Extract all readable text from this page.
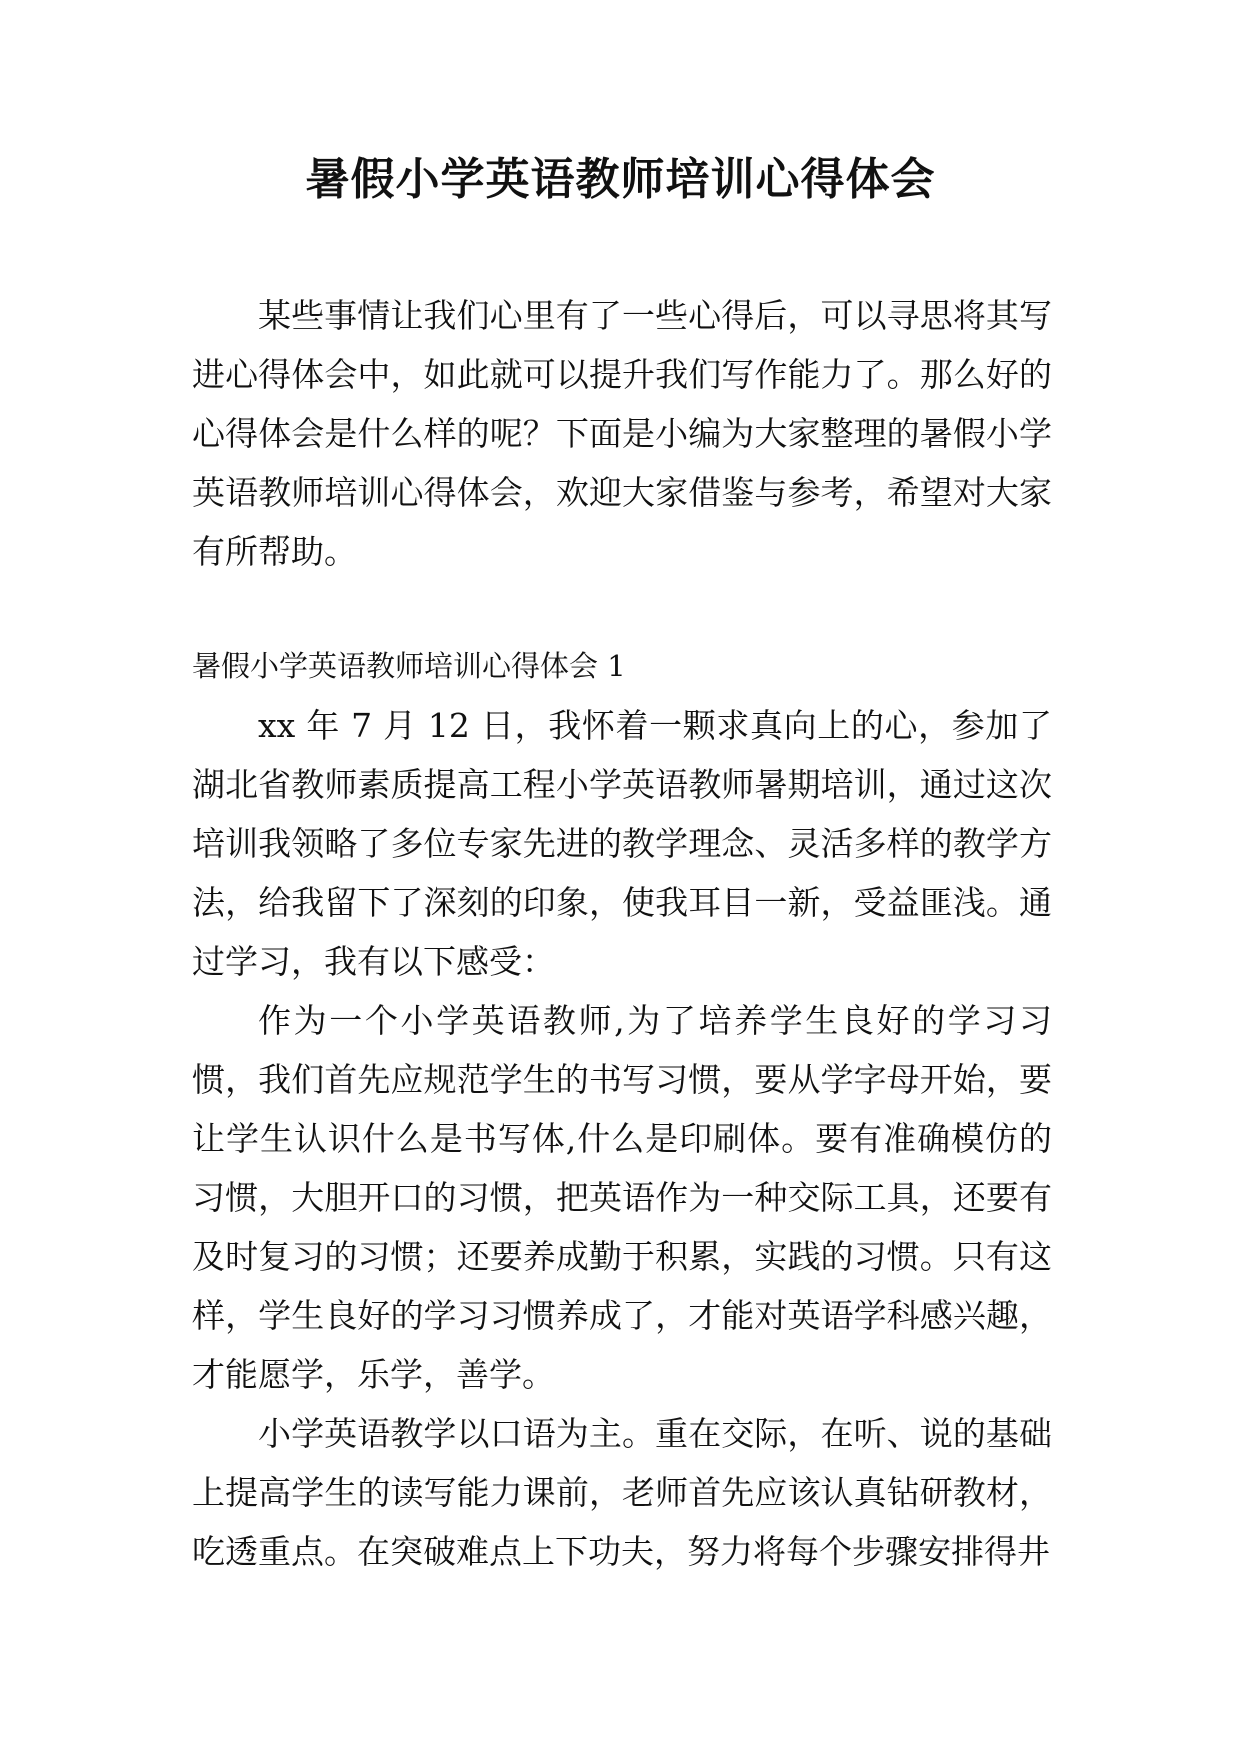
暑假小学英语教师培训心得体会

某些事情让我们心里有了一些心得后，可以寻思将其写进心得体会中，如此就可以提升我们写作能力了。那么好的心得体会是什么样的呢？下面是小编为大家整理的暑假小学英语教师培训心得体会，欢迎大家借鉴与参考，希望对大家有所帮助。

暑假小学英语教师培训心得体会 1

xx 年 7 月 12 日，我怀着一颗求真向上的心，参加了湖北省教师素质提高工程小学英语教师暑期培训，通过这次培训我领略了多位专家先进的教学理念、灵活多样的教学方法，给我留下了深刻的印象，使我耳目一新，受益匪浅。通过学习，我有以下感受：

作为一个小学英语教师,为了培养学生良好的学习习惯，我们首先应规范学生的书写习惯，要从学字母开始，要让学生认识什么是书写体,什么是印刷体。要有准确模仿的习惯，大胆开口的习惯，把英语作为一种交际工具，还要有及时复习的习惯；还要养成勤于积累，实践的习惯。只有这样，学生良好的学习习惯养成了，才能对英语学科感兴趣，才能愿学，乐学，善学。

小学英语教学以口语为主。重在交际，在听、说的基础上提高学生的读写能力课前，老师首先应该认真钻研教材，吃透重点。在突破难点上下功夫，努力将每个步骤安排得井
